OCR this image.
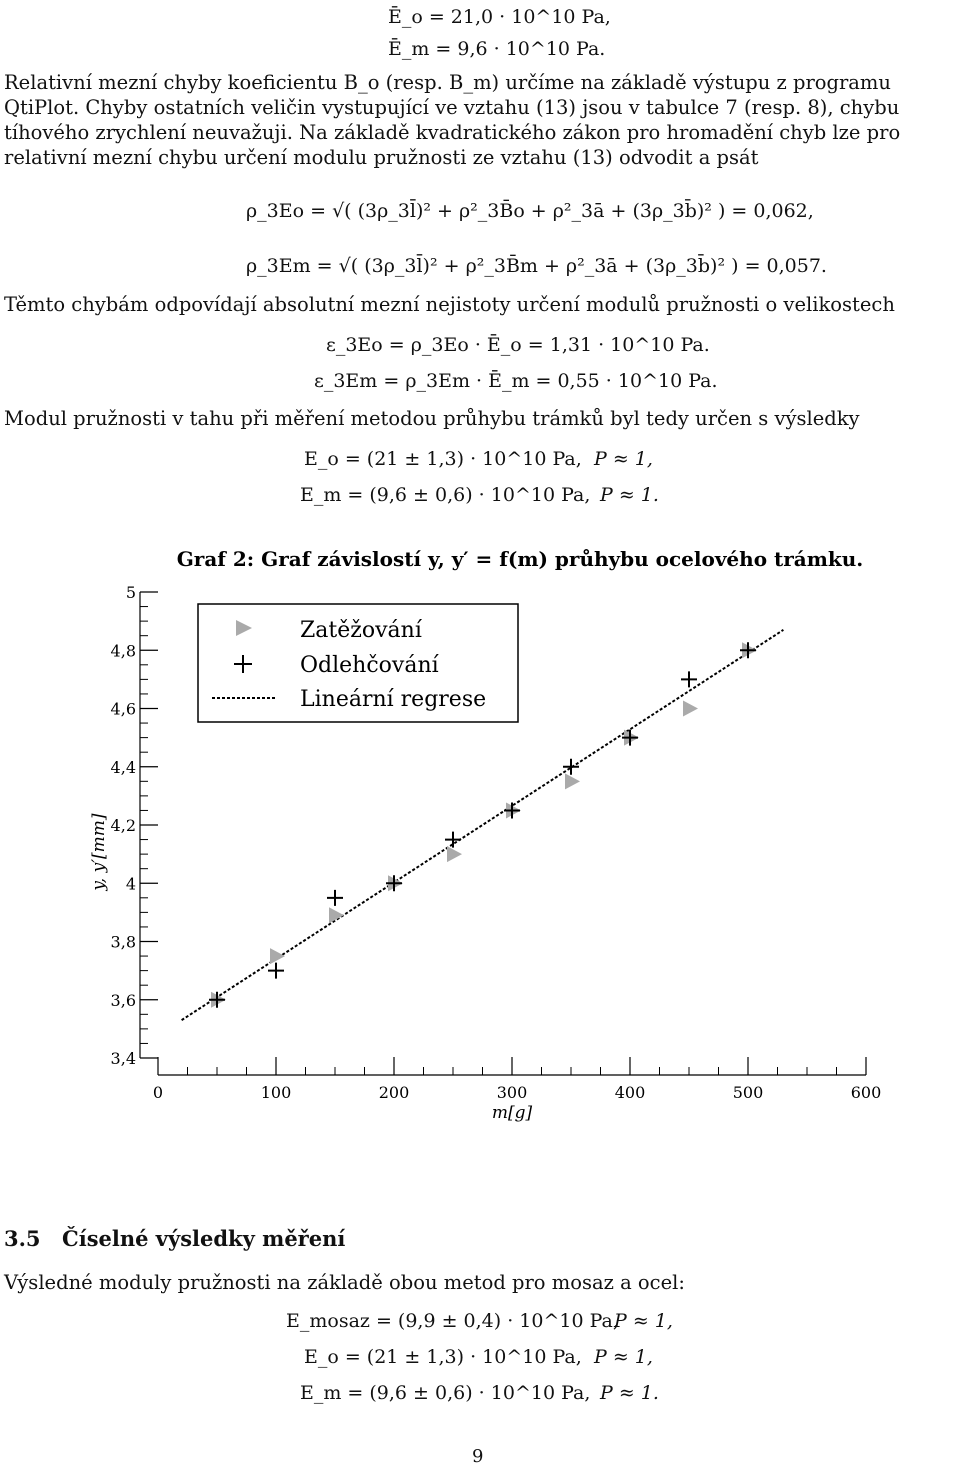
Ē_o = 21,0 · 10^10 Pa,
Ē_m = 9,6 · 10^10 Pa.
Relativní mezní chyby koeficientu B_o (resp. B_m) určíme na základě výstupu z programu QtiPlot. Chyby ostatních veličin vystupující ve vztahu (13) jsou v tabulce 7 (resp. 8), chybu tíhového zrychlení neuvažuji. Na základě kvadratického zákon pro hromadění chyb lze pro relativní mezní chybu určení modulu pružnosti ze vztahu (13) odvodit a psát
ρ_3Eo = √( (3ρ_3l̄)² + ρ²_3B̄o + ρ²_3ā + (3ρ_3b̄)² ) = 0,062,
ρ_3Em = √( (3ρ_3l̄)² + ρ²_3B̄m + ρ²_3ā + (3ρ_3b̄)² ) = 0,057.
Těmto chybám odpovídají absolutní mezní nejistoty určení modulů pružnosti o velikostech
ε_3Eo = ρ_3Eo · Ē_o = 1,31 · 10^10 Pa.
ε_3Em = ρ_3Em · Ē_m = 0,55 · 10^10 Pa.
Modul pružnosti v tahu při měření metodou průhybu trámků byl tedy určen s výsledky
E_o = (21 ± 1,3) · 10^10 Pa, P ≈ 1,
E_m = (9,6 ± 0,6) · 10^10 Pa, P ≈ 1.
Graf 2: Graf závislostí y, y′ = f(m) průhybu ocelového trámku.
3,4
3,6
3,8
4
4,2
4,4
4,6
4,8
5
0	100	200	300	400	500	600
m[g]
y, y′[mm]
Zatěžování
Odlehčování
Lineární regrese
3.5 Číselné výsledky měření
Výsledné moduly pružnosti na základě obou metod pro mosaz a ocel:
E_mosaz = (9,9 ± 0,4) · 10^10 Pa,
P ≈ 1,
E_o = (21 ± 1,3) · 10^10 Pa, P ≈ 1,
E_m = (9,6 ± 0,6) · 10^10 Pa, P ≈ 1.
9
